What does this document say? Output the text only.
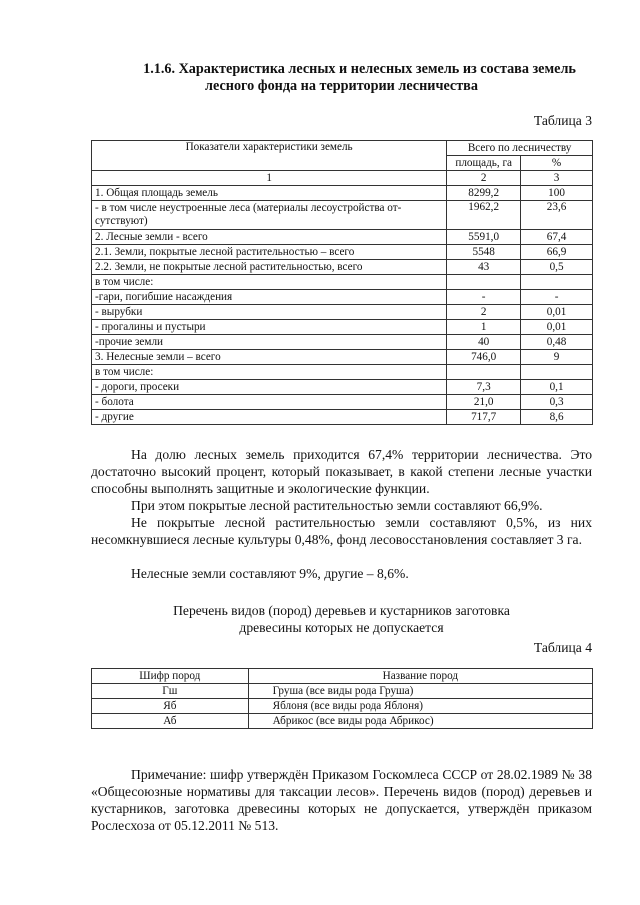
1.1.6. Характеристика лесных и нелесных земель из состава земель
лесного фонда на территории лесничества
Таблица 3
Показатели характеристики земель	Всего по лесничеству	
	площадь, га	%
1	2	3
1. Общая площадь земель	8299,2	100
- в том числе неустроенные леса (материалы лесоустройства от-
сутствуют)	1962,2	23,6
2. Лесные земли - всего	5591,0	67,4
2.1. Земли, покрытые лесной растительностью – всего	5548	66,9
2.2. Земли, не покрытые лесной растительностью, всего	43	0,5
в том числе:		
-гари, погибшие насаждения	-	-
- вырубки	2	0,01
- прогалины и пустыри	1	0,01
-прочие земли	40	0,48
3. Нелесные земли – всего	746,0	9
в том числе:		
- дороги, просеки	7,3	0,1
- болота	21,0	0,3
- другие	717,7	8,6
На долю лесных земель приходится 67,4% территории лесничества. Это достаточно высокий процент, который показывает, в какой степени лесные участки способны выполнять защитные и экологические функции.
При этом покрытые лесной растительностью земли составляют 66,9%.
Не покрытые лесной растительностью земли составляют 0,5%, из них несомкнувшиеся лесные культуры 0,48%, фонд лесовосстановления составляет 3 га.
Нелесные земли составляют 9%, другие – 8,6%.
Перечень видов (пород) деревьев и кустарников заготовка древесины которых не допускается
Таблица 4
Шифр пород	Название пород
Гш	Груша (все виды рода Груша)
Яб	Яблоня (все виды рода Яблоня)
Аб	Абрикос (все виды рода Абрикос)
Примечание: шифр утверждён Приказом Госкомлеса СССР от 28.02.1989 № 38 «Общесоюзные нормативы для таксации лесов». Перечень видов (пород) деревьев и кустарников, заготовка древесины которых не допускается, утверждён приказом Рослесхоза от 05.12.2011 № 513.
